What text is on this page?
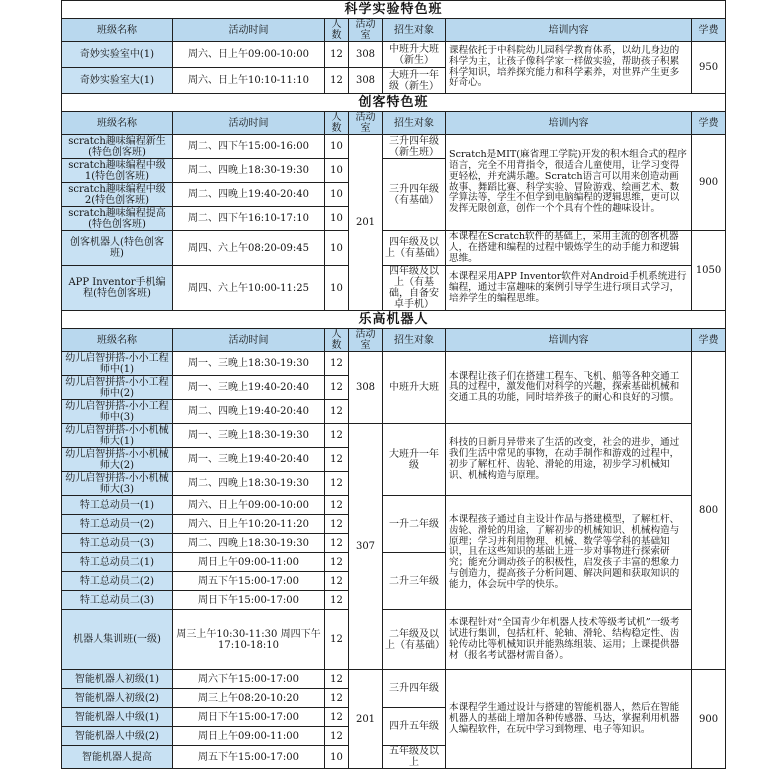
科学实验特色班						
班级名称	活动时间	人数	活动室	招生对象	培训内容	学费
奇妙实验室中(1)	周六、日上午09:00-10:00	12	308	中班升大班（新生）	课程依托于中科院幼儿园科学教育体系，以幼儿身边的科学为主，让孩子像科学家一样做实验，帮助孩子积累科学知识，培养探究能力和科学素养，对世界产生更多好奇心。	950
奇妙实验室大(1)	周六、日上午10:10-11:10	12	308	大班升一年级（新生）		
创客特色班						
班级名称	活动时间	人数	活动室	招生对象	培训内容	学费
scratch趣味编程新生(特色创客班)	周二、四下午15:00-16:00	10	201	三升四年级（新生班）	Scratch是MIT(麻省理工学院)开发的积木组合式的程序语言，完全不用背指令，很适合儿童使用，让学习变得更轻松，并充满乐趣。Scratch语言可以用来创造动画故事、舞蹈比赛、科学实验、冒险游戏、绘画艺术、数学算法等，学生不但学到电脑编程的逻辑思维，更可以发挥无限创意，创作一个个具有个性的趣味设计。	900
scratch趣味编程中级1(特色创客班)	周二、四晚上18:30-19:30	10		三升四年级（有基础）		
scratch趣味编程中级2(特色创客班)	周二、四晚上19:40-20:40	10				
scratch趣味编程提高(特色创客班)	周二、四下午16:10-17:10	10				
创客机器人(特色创客班)	周四、六上午08:20-09:45	10		四年级及以上（有基础）	本课程在Scratch软件的基础上，采用主流的创客机器人，在搭建和编程的过程中锻炼学生的动手能力和逻辑思维。	1050
APP Inventor手机编程(特色创客班)	周四、六上午10:00-11:25	10		四年级及以上（有基础，自备安卓手机）	本课程采用APP Inventor软件对Android手机系统进行编程，通过丰富趣味的案例引导学生进行项目式学习，培养学生的编程思维。	
乐高机器人						
班级名称	活动时间	人数	活动室	招生对象	培训内容	学费
幼儿启智拼搭-小小工程师中(1)	周一、三晚上18:30-19:30	12	308	中班升大班	本课程让孩子们在搭建工程车、飞机、船等各种交通工具的过程中，激发他们对科学的兴趣，探索基础机械和交通工具的功能，同时培养孩子的耐心和良好的习惯。	800
幼儿启智拼搭-小小工程师中(2)	周一、三晚上19:40-20:40	12				
幼儿启智拼搭-小小工程师中(3)	周二、四晚上19:40-20:40	12				
幼儿启智拼搭-小小机械师大(1)	周一、三晚上18:30-19:30	12	307	大班升一年级	科技的日新月异带来了生活的改变，社会的进步，通过我们生活中常见的事物，在动手制作和游戏的过程中，初步了解杠杆、齿轮、滑轮的用途，初步学习机械知识、机械构造与原理。	
幼儿启智拼搭-小小机械师大(2)	周一、三晚上19:40-20:40	12				
幼儿启智拼搭-小小机械师大(3)	周二、四晚上18:30-19:30	12				
特工总动员一(1)	周六、日上午09:00-10:00	12		一升二年级	本课程孩子通过自主设计作品与搭建模型，了解杠杆、齿轮、滑轮的用途，了解初步的机械知识、机械构造与原理；学习并利用物理、机械、数学等学科的基础知识，且在这些知识的基础上进一步对事物进行探索研究；能充分调动孩子的积极性，启发孩子丰富的想象力与创造力，提高孩子分析问题、解决问题和获取知识的能力，体会玩中学的快乐。	
特工总动员一(2)	周六、日上午10:20-11:20	12				
特工总动员一(3)	周二、四晚上18:30-19:30	12				
特工总动员二(1)	周日上午09:00-11:00	12		二升三年级		
特工总动员二(2)	周五下午15:00-17:00	12				
特工总动员二(3)	周日下午15:00-17:00	12				
机器人集训班(一级)	周三上午10:30-11:30 周四下午17:10-18:10	12		二年级及以上（有基础）	本课程针对“全国青少年机器人技术等级考试机”一级考试进行集训，包括杠杆、轮轴、滑轮、结构稳定性、齿轮传动比等机械知识并能熟练组装、运用；上课提供器材（报名考试器材需自备）。	
智能机器人初级(1)	周六下午15:00-17:00	12	201	三升四年级	本课程学生通过设计与搭建的智能机器人，然后在智能机器人的基础上增加各种传感器、马达，掌握利用机器人编程软件，在玩中学习到物理、电子等知识。	900
智能机器人初级(2)	周三上午08:20-10:20	12				
智能机器人中级(1)	周日下午15:00-17:00	12		四升五年级		
智能机器人中级(2)	周日上午09:00-11:00	12				
智能机器人提高	周五下午15:00-17:00	10		五年级及以上		
